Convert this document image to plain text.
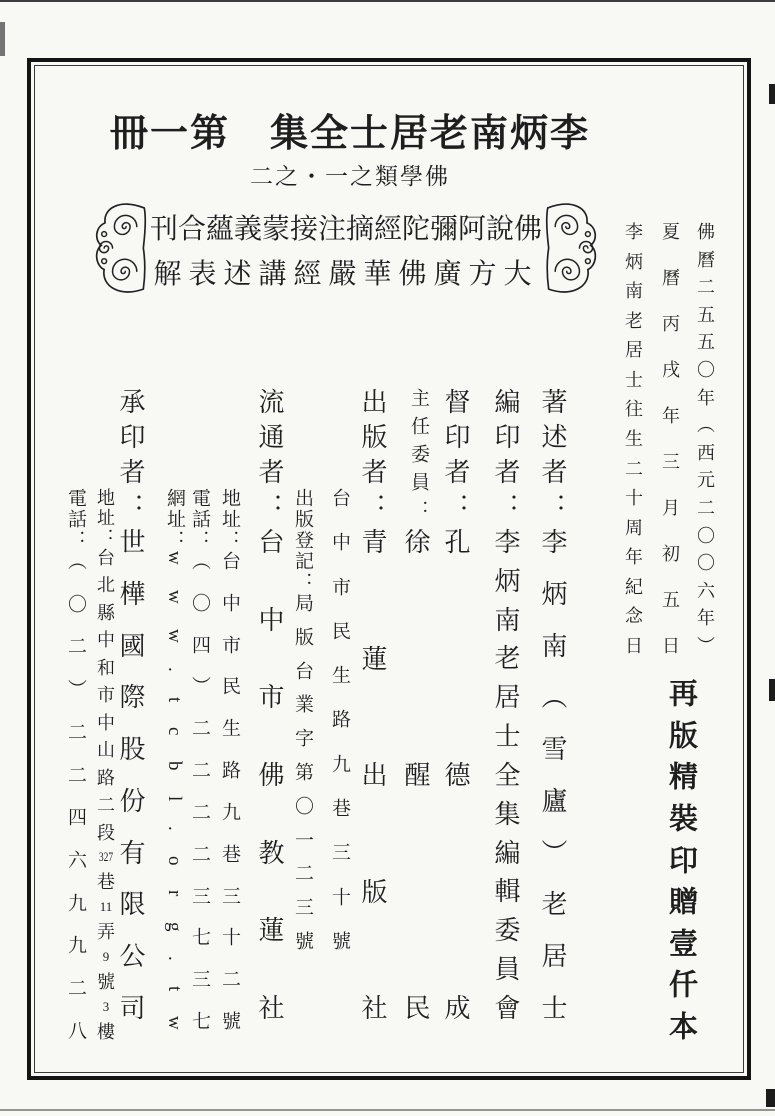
冊一第　集全士居老南炳李
二之・一之類學佛
刊合蘊義蒙接注摘經陀彌阿說佛
解表述講經嚴華佛廣方大
佛
曆
二
五
五
〇
年
（
西
元
二
〇
〇
六
年
）
夏
曆
丙
戌
年
三
月
初
五
日
李
炳
南
老
居
士
往
生
二
十
周
年
紀
念
日
再
版
精
裝
印
贈
壹
仟
本
著述者：
李
炳
南
（
雪
廬
）
老
居
士
編印者：
李
炳
南
老
居
士
全
集
編
輯
委
員
會
督印者：
孔
德
成
主任委員：
徐
醒
民
出版者：
青
蓮
出
版
社
台
中
市
民
生
路
九
巷
三
十
號
出版登記：
局
版
台
業
字
第
〇
一
二
三
號
流通者：
台
中
市
佛
教
蓮
社
地址：
台
中
市
民
生
路
九
巷
三
十
二
號
電話：
（
〇
四
）
二
二
二
二
三
七
三
七
網址：
w
w
w
.
t
c
b
l
.
o
r
g
.
t
w
承印者：
世
樺
國
際
股
份
有
限
公
司
地址：
台
北
縣
中
和
市
中
山
路
二
段
327
巷
11
弄
9
號
3
樓
電話：
（
〇
二
）
二
二
四
六
九
九
二
八
